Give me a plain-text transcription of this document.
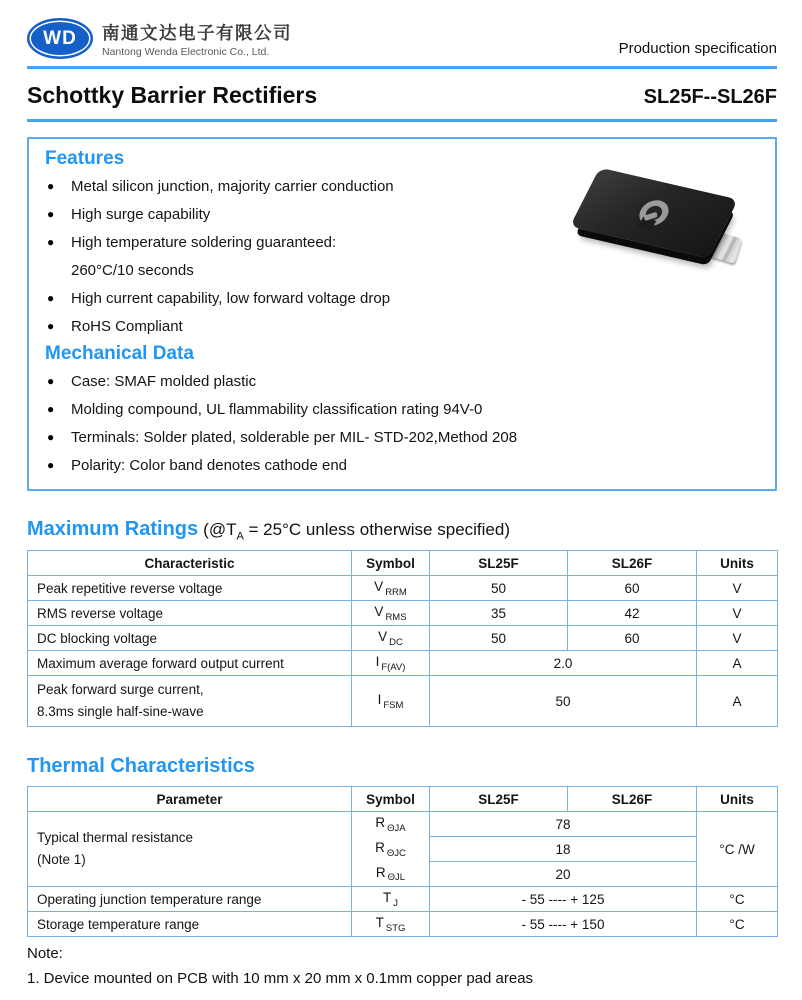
WD	南通文达电子有限公司
Nantong Wenda Electronic Co., Ltd.	Production specification
Schottky Barrier Rectifiers	SL25F--SL26F
Features
●	Metal silicon junction, majority carrier conduction
●	High surge capability
●	High temperature soldering guaranteed:
260°C/10 seconds
●	High current capability, low forward voltage drop
●	RoHS Compliant
Mechanical Data
●	Case: SMAF molded plastic
●	Molding compound, UL flammability classification rating 94V-0
●	Terminals: Solder plated, solderable per MIL- STD-202,Method 208
●	Polarity: Color band denotes cathode end
Maximum Ratings ($@T_A = 25^\circ C$ unless otherwise specified)
Characteristic	Symbol	SL25F	SL26F	Units
Peak repetitive reverse voltage	V $_{RRM}$	50	60	V
RMS reverse voltage	V $_{RMS}$	35	42	V
DC blocking voltage	V $_{DC}$	50	60	V
Maximum average forward output current	I $_{F(AV)}$	2.0		A

Peak forward surge current,
8.3ms single half-sine-wave	I $_{FSM}$	50		A
Thermal Characteristics
Parameter	Symbol	SL25F	SL26F	Units

Typical thermal resistance
(Note 1)	R $_{\Theta JA}$	78		°C /W
	R $_{\Theta JC}$	18		
	R $_{\Theta JL}$	20		
Operating junction temperature range	T $_J$	- 55 ---- + 125		°C
Storage temperature range	T $_{STG}$	- 55 ---- + 150		°C
Note:
1. Device mounted on PCB with 10 mm x 20 mm x 0.1mm copper pad areas
